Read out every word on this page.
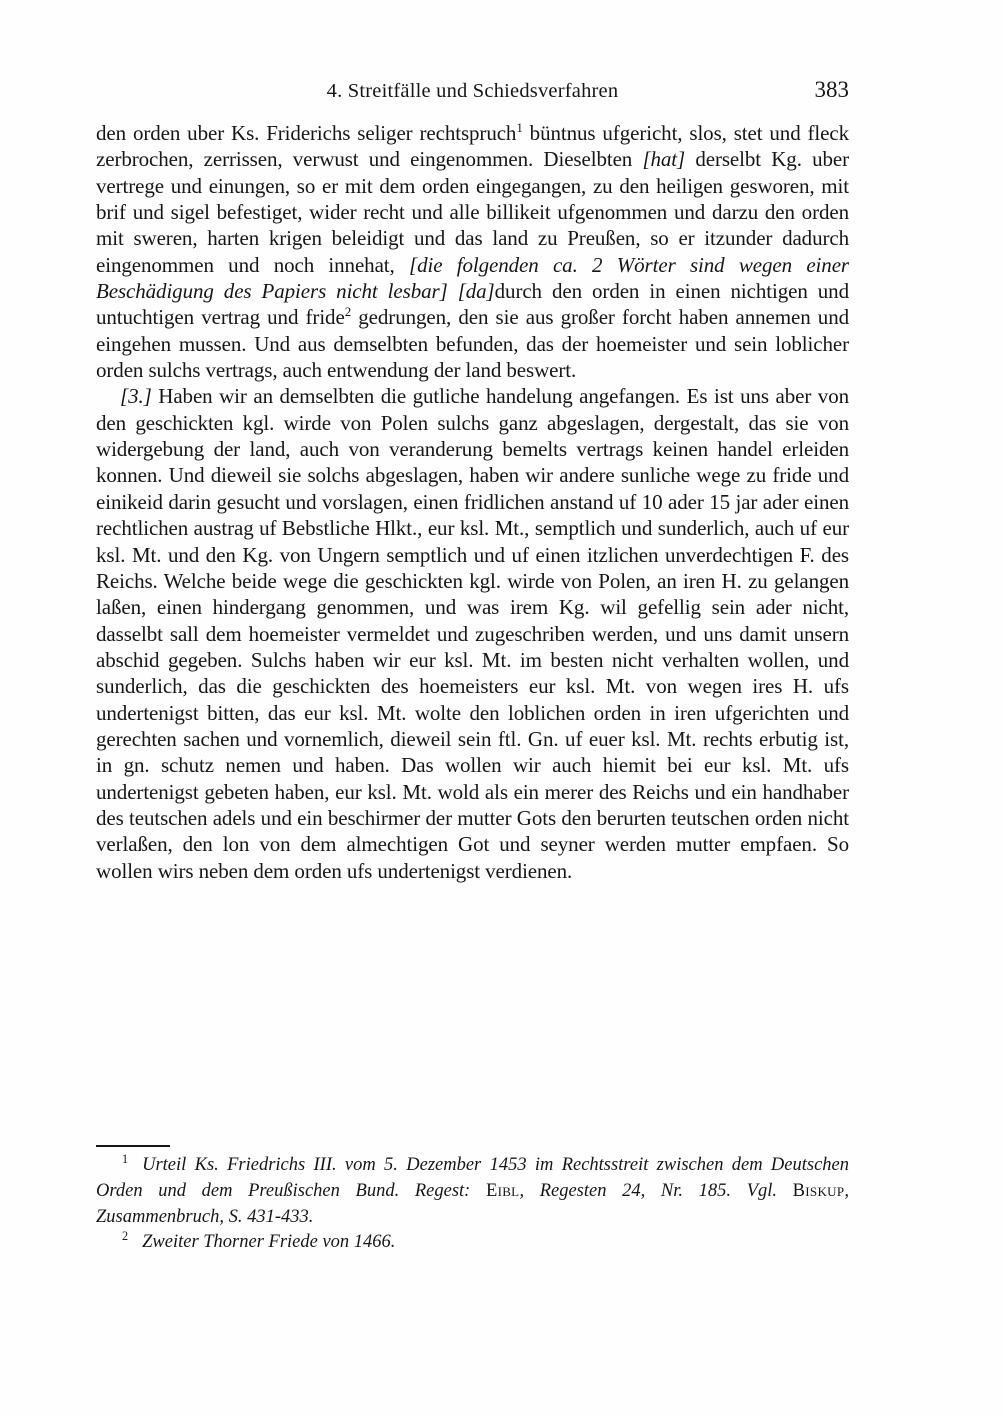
4. Streitfälle und Schiedsverfahren	383

den orden uber Ks. Friderichs seliger rechtspruch$^1$ büntnus ufgericht, slos, stet und fleck zerbrochen, zerrissen, verwust und eingenommen. Dieselbten [hat] derselbt Kg. uber vertrege und einungen, so er mit dem orden eingegangen, zu den heiligen gesworen, mit brif und sigel befestiget, wider recht und alle billikeit ufgenommen und darzu den orden mit sweren, harten krigen beleidigt und das land zu Preußen, so er itzunder dadurch eingenommen und noch innehat, [die folgenden ca. 2 Wörter sind wegen einer Beschädigung des Papiers nicht lesbar] [da]durch den orden in einen nichtigen und untuchtigen vertrag und fride$^2$ gedrungen, den sie aus großer forcht haben annemen und eingehen mussen. Und aus demselbten befunden, das der hoemeister und sein loblicher orden sulchs vertrags, auch entwendung der land beswert.

[3.] Haben wir an demselbten die gutliche handelung angefangen. Es ist uns aber von den geschickten kgl. wirde von Polen sulchs ganz abgeslagen, dergestalt, das sie von widergebung der land, auch von veranderung bemelts vertrags keinen handel erleiden konnen. Und dieweil sie solchs abgeslagen, haben wir andere sunliche wege zu fride und einikeid darin gesucht und vorslagen, einen fridlichen anstand uf 10 ader 15 jar ader einen rechtlichen austrag uf Bebstliche Hlkt., eur ksl. Mt., semptlich und sunderlich, auch uf eur ksl. Mt. und den Kg. von Ungern semptlich und uf einen itzlichen unverdechtigen F. des Reichs. Welche beide wege die geschickten kgl. wirde von Polen, an iren H. zu gelangen laßen, einen hindergang genommen, und was irem Kg. wil gefellig sein ader nicht, dasselbt sall dem hoemeister vermeldet und zugeschriben werden, und uns damit unsern abschid gegeben. Sulchs haben wir eur ksl. Mt. im besten nicht verhalten wollen, und sunderlich, das die geschickten des hoemeisters eur ksl. Mt. von wegen ires H. ufs undertenigst bitten, das eur ksl. Mt. wolte den loblichen orden in iren ufgerichten und gerechten sachen und vornemlich, dieweil sein ftl. Gn. uf euer ksl. Mt. rechts erbutig ist, in gn. schutz nemen und haben. Das wollen wir auch hiemit bei eur ksl. Mt. ufs undertenigst gebeten haben, eur ksl. Mt. wold als ein merer des Reichs und ein handhaber des teutschen adels und ein beschirmer der mutter Gots den berurten teutschen orden nicht verlaßen, den lon von dem almechtigen Got und seyner werden mutter empfaen. So wollen wirs neben dem orden ufs undertenigst verdienen.

$^1$ Urteil Ks. Friedrichs III. vom 5. Dezember 1453 im Rechtsstreit zwischen dem Deutschen Orden und dem Preußischen Bund. Regest: Eibl, Regesten 24, Nr. 185. Vgl. Biskup, Zusammenbruch, S. 431-433.

$^2$ Zweiter Thorner Friede von 1466.
